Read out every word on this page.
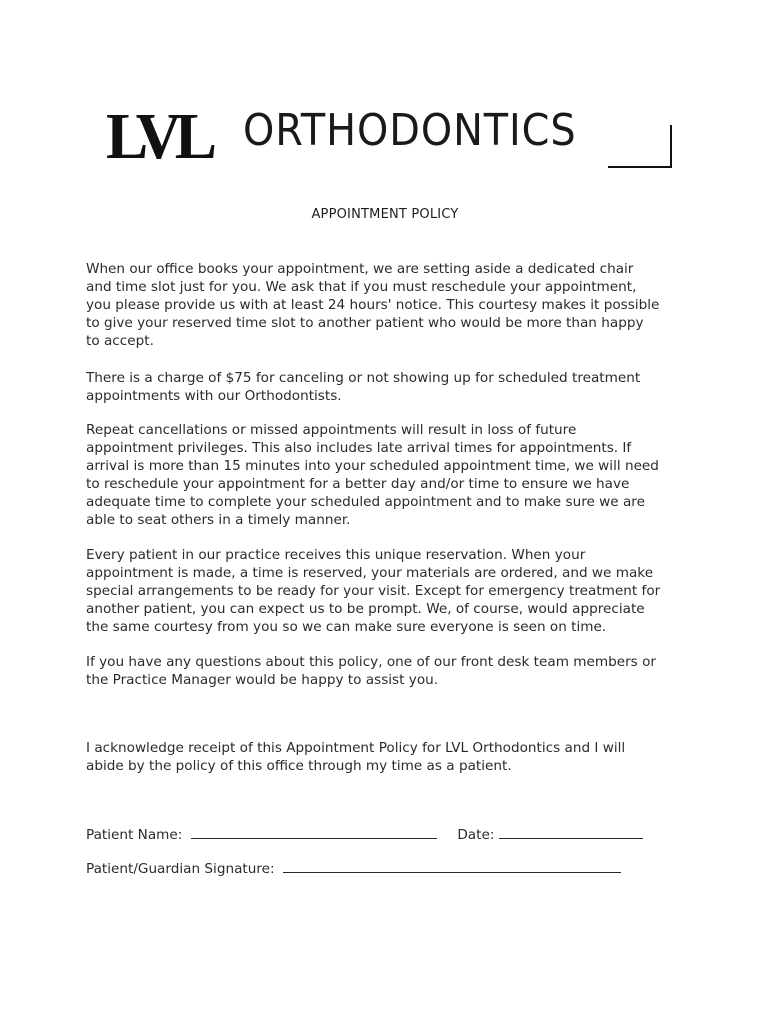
LVL ORTHODONTICS
APPOINTMENT POLICY
When our office books your appointment, we are setting aside a dedicated chair
and time slot just for you. We ask that if you must reschedule your appointment,
you please provide us with at least 24 hours' notice. This courtesy makes it possible
to give your reserved time slot to another patient who would be more than happy
to accept.
There is a charge of $75 for canceling or not showing up for scheduled treatment
appointments with our Orthodontists.
Repeat cancellations or missed appointments will result in loss of future
appointment privileges. This also includes late arrival times for appointments. If
arrival is more than 15 minutes into your scheduled appointment time, we will need
to reschedule your appointment for a better day and/or time to ensure we have
adequate time to complete your scheduled appointment and to make sure we are
able to seat others in a timely manner.
Every patient in our practice receives this unique reservation. When your
appointment is made, a time is reserved, your materials are ordered, and we make
special arrangements to be ready for your visit. Except for emergency treatment for
another patient, you can expect us to be prompt. We, of course, would appreciate
the same courtesy from you so we can make sure everyone is seen on time.
If you have any questions about this policy, one of our front desk team members or
the Practice Manager would be happy to assist you.
I acknowledge receipt of this Appointment Policy for LVL Orthodontics and I will
abide by the policy of this office through my time as a patient.
Patient Name:	Date:
Patient/Guardian Signature:
